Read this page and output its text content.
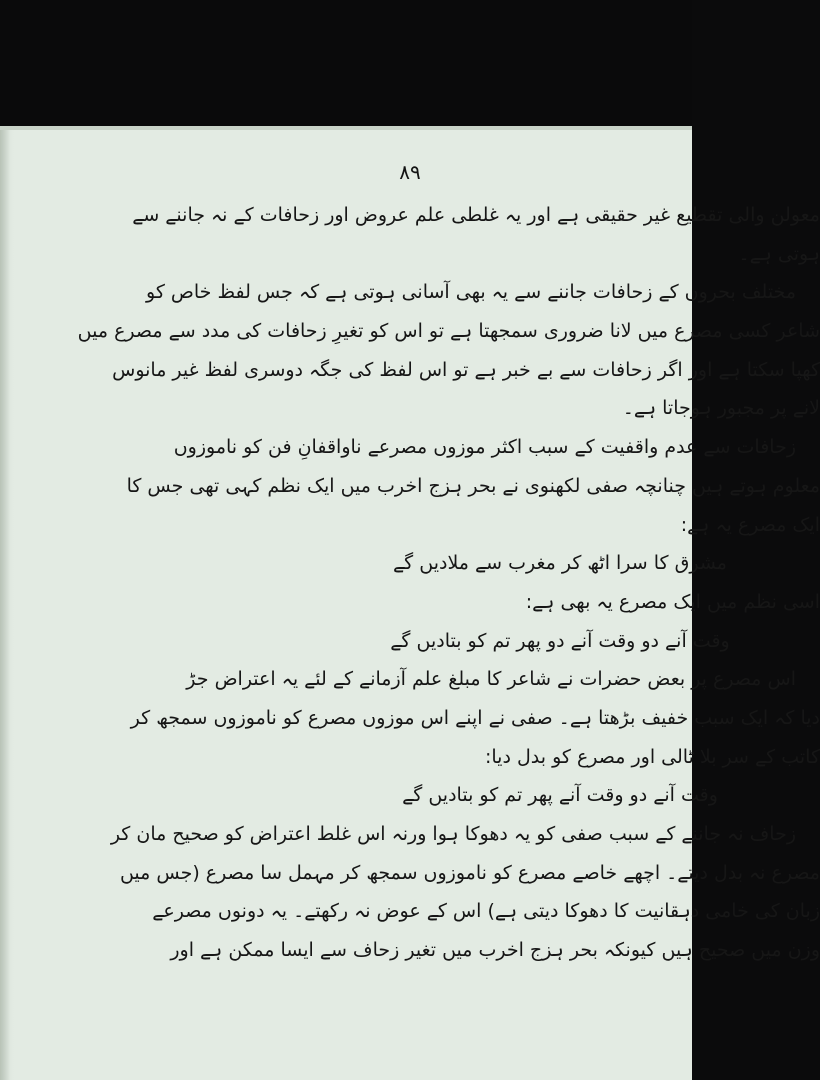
۸۹
معولن والی تقطیع غیر حقیقی ہے اور یہ غلطی علم عروض اور زحافات کے نہ جاننے سے
ہوتی ہے۔
مختلف بحروں کے زحافات جاننے سے یہ بھی آسانی ہوتی ہے کہ جس لفظ خاص کو
شاعر کسی مصرع میں لانا ضروری سمجھتا ہے تو اس کو تغیرِ زحافات کی مدد سے مصرع میں
کھپا سکتا ہے اور اگر زحافات سے بے خبر ہے تو اس لفظ کی جگہ دوسری لفظ غیر مانوس
لانے پر مجبور ہوجاتا ہے۔
زحافات سے عدم واقفیت کے سبب اکثر موزوں مصرعے ناواقفانِ فن کو ناموزوں
معلوم ہوتے ہیں چنانچہ صفی لکھنوی نے بحر ہزج اخرب میں ایک نظم کہی تھی جس کا
ایک مصرع یہ ہے:
مشرق کا سرا اٹھ کر مغرب سے ملادیں گے
اسی نظم میں ایک مصرع یہ بھی ہے:
وقت آنے دو وقت آنے دو پھر تم کو بتادیں گے
اس مصرع پر بعض حضرات نے شاعر کا مبلغ علم آزمانے کے لئے یہ اعتراض جڑ
دیا کہ ایک سبب خفیف بڑھتا ہے۔ صفی نے اپنے اس موزوں مصرع کو ناموزوں سمجھ کر
کاتب کے سر بلا ٹالی اور مصرع کو بدل دیا:
وقت آنے دو وقت آنے پھر تم کو بتادیں گے
زحاف نہ جاننے کے سبب صفی کو یہ دھوکا ہوا ورنہ اس غلط اعتراض کو صحیح مان کر
مصرع نہ بدل دیتے۔ اچھے خاصے مصرع کو ناموزوں سمجھ کر مہمل سا مصرع (جس میں
زبان کی خامی دہقانیت کا دھوکا دیتی ہے) اس کے عوض نہ رکھتے۔ یہ دونوں مصرعے
وزن میں صحیح ہیں کیونکہ بحر ہزج اخرب میں تغیر زحاف سے ایسا ممکن ہے اور
